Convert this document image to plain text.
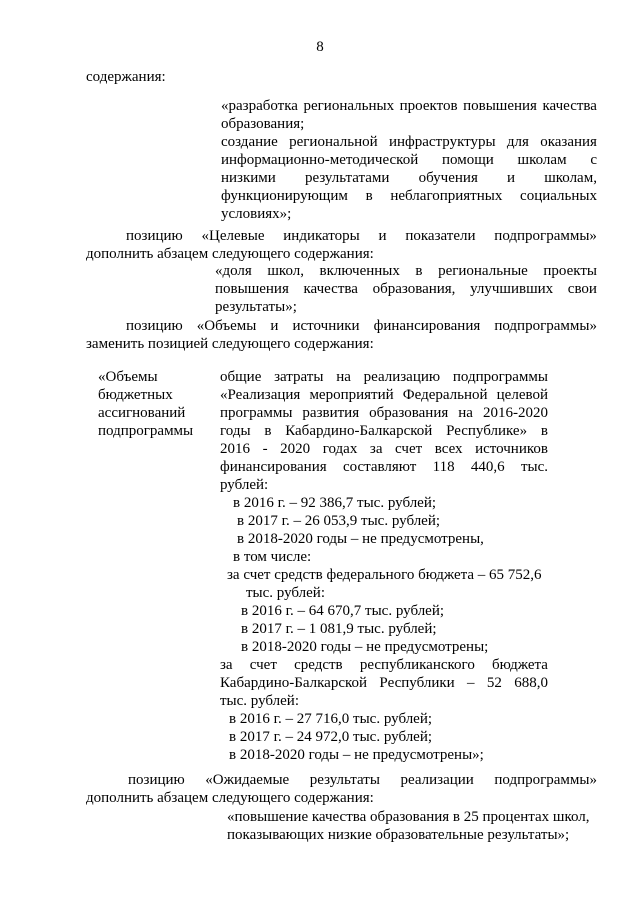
8
содержания:
«разработка региональных проектов повышения качества
образования;
создание региональной инфраструктуры для оказания
информационно-методической помощи школам с
низкими результатами обучения и школам,
функционирующим в неблагоприятных социальных
условиях»;
позицию «Целевые индикаторы и показатели подпрограммы»
дополнить абзацем следующего содержания:
«доля школ, включенных в региональные проекты
повышения качества образования, улучшивших свои
результаты»;
позицию «Объемы и источники финансирования подпрограммы»
заменить позицией следующего содержания:
«Объемы
бюджетных
ассигнований
подпрограммы
общие затраты на реализацию подпрограммы
«Реализация мероприятий Федеральной целевой
программы развития образования на 2016-2020
годы в Кабардино-Балкарской Республике» в
2016 - 2020 годах за счет всех источников
финансирования составляют 118 440,6 тыс.
рублей:
в 2016 г. – 92 386,7 тыс. рублей;
в 2017 г. – 26 053,9 тыс. рублей;
в 2018-2020 годы – не предусмотрены,
в том числе:
за счет средств федерального бюджета – 65 752,6
тыс. рублей:
в 2016 г. – 64 670,7 тыс. рублей;
в 2017 г. – 1 081,9 тыс. рублей;
в 2018-2020 годы – не предусмотрены;
за счет средств республиканского бюджета
Кабардино-Балкарской Республики – 52 688,0
тыс. рублей:
в 2016 г. – 27 716,0 тыс. рублей;
в 2017 г. – 24 972,0 тыс. рублей;
в 2018-2020 годы – не предусмотрены»;
позицию «Ожидаемые результаты реализации подпрограммы»
дополнить абзацем следующего содержания:
«повышение качества образования в 25 процентах школ,
показывающих низкие образовательные результаты»;
